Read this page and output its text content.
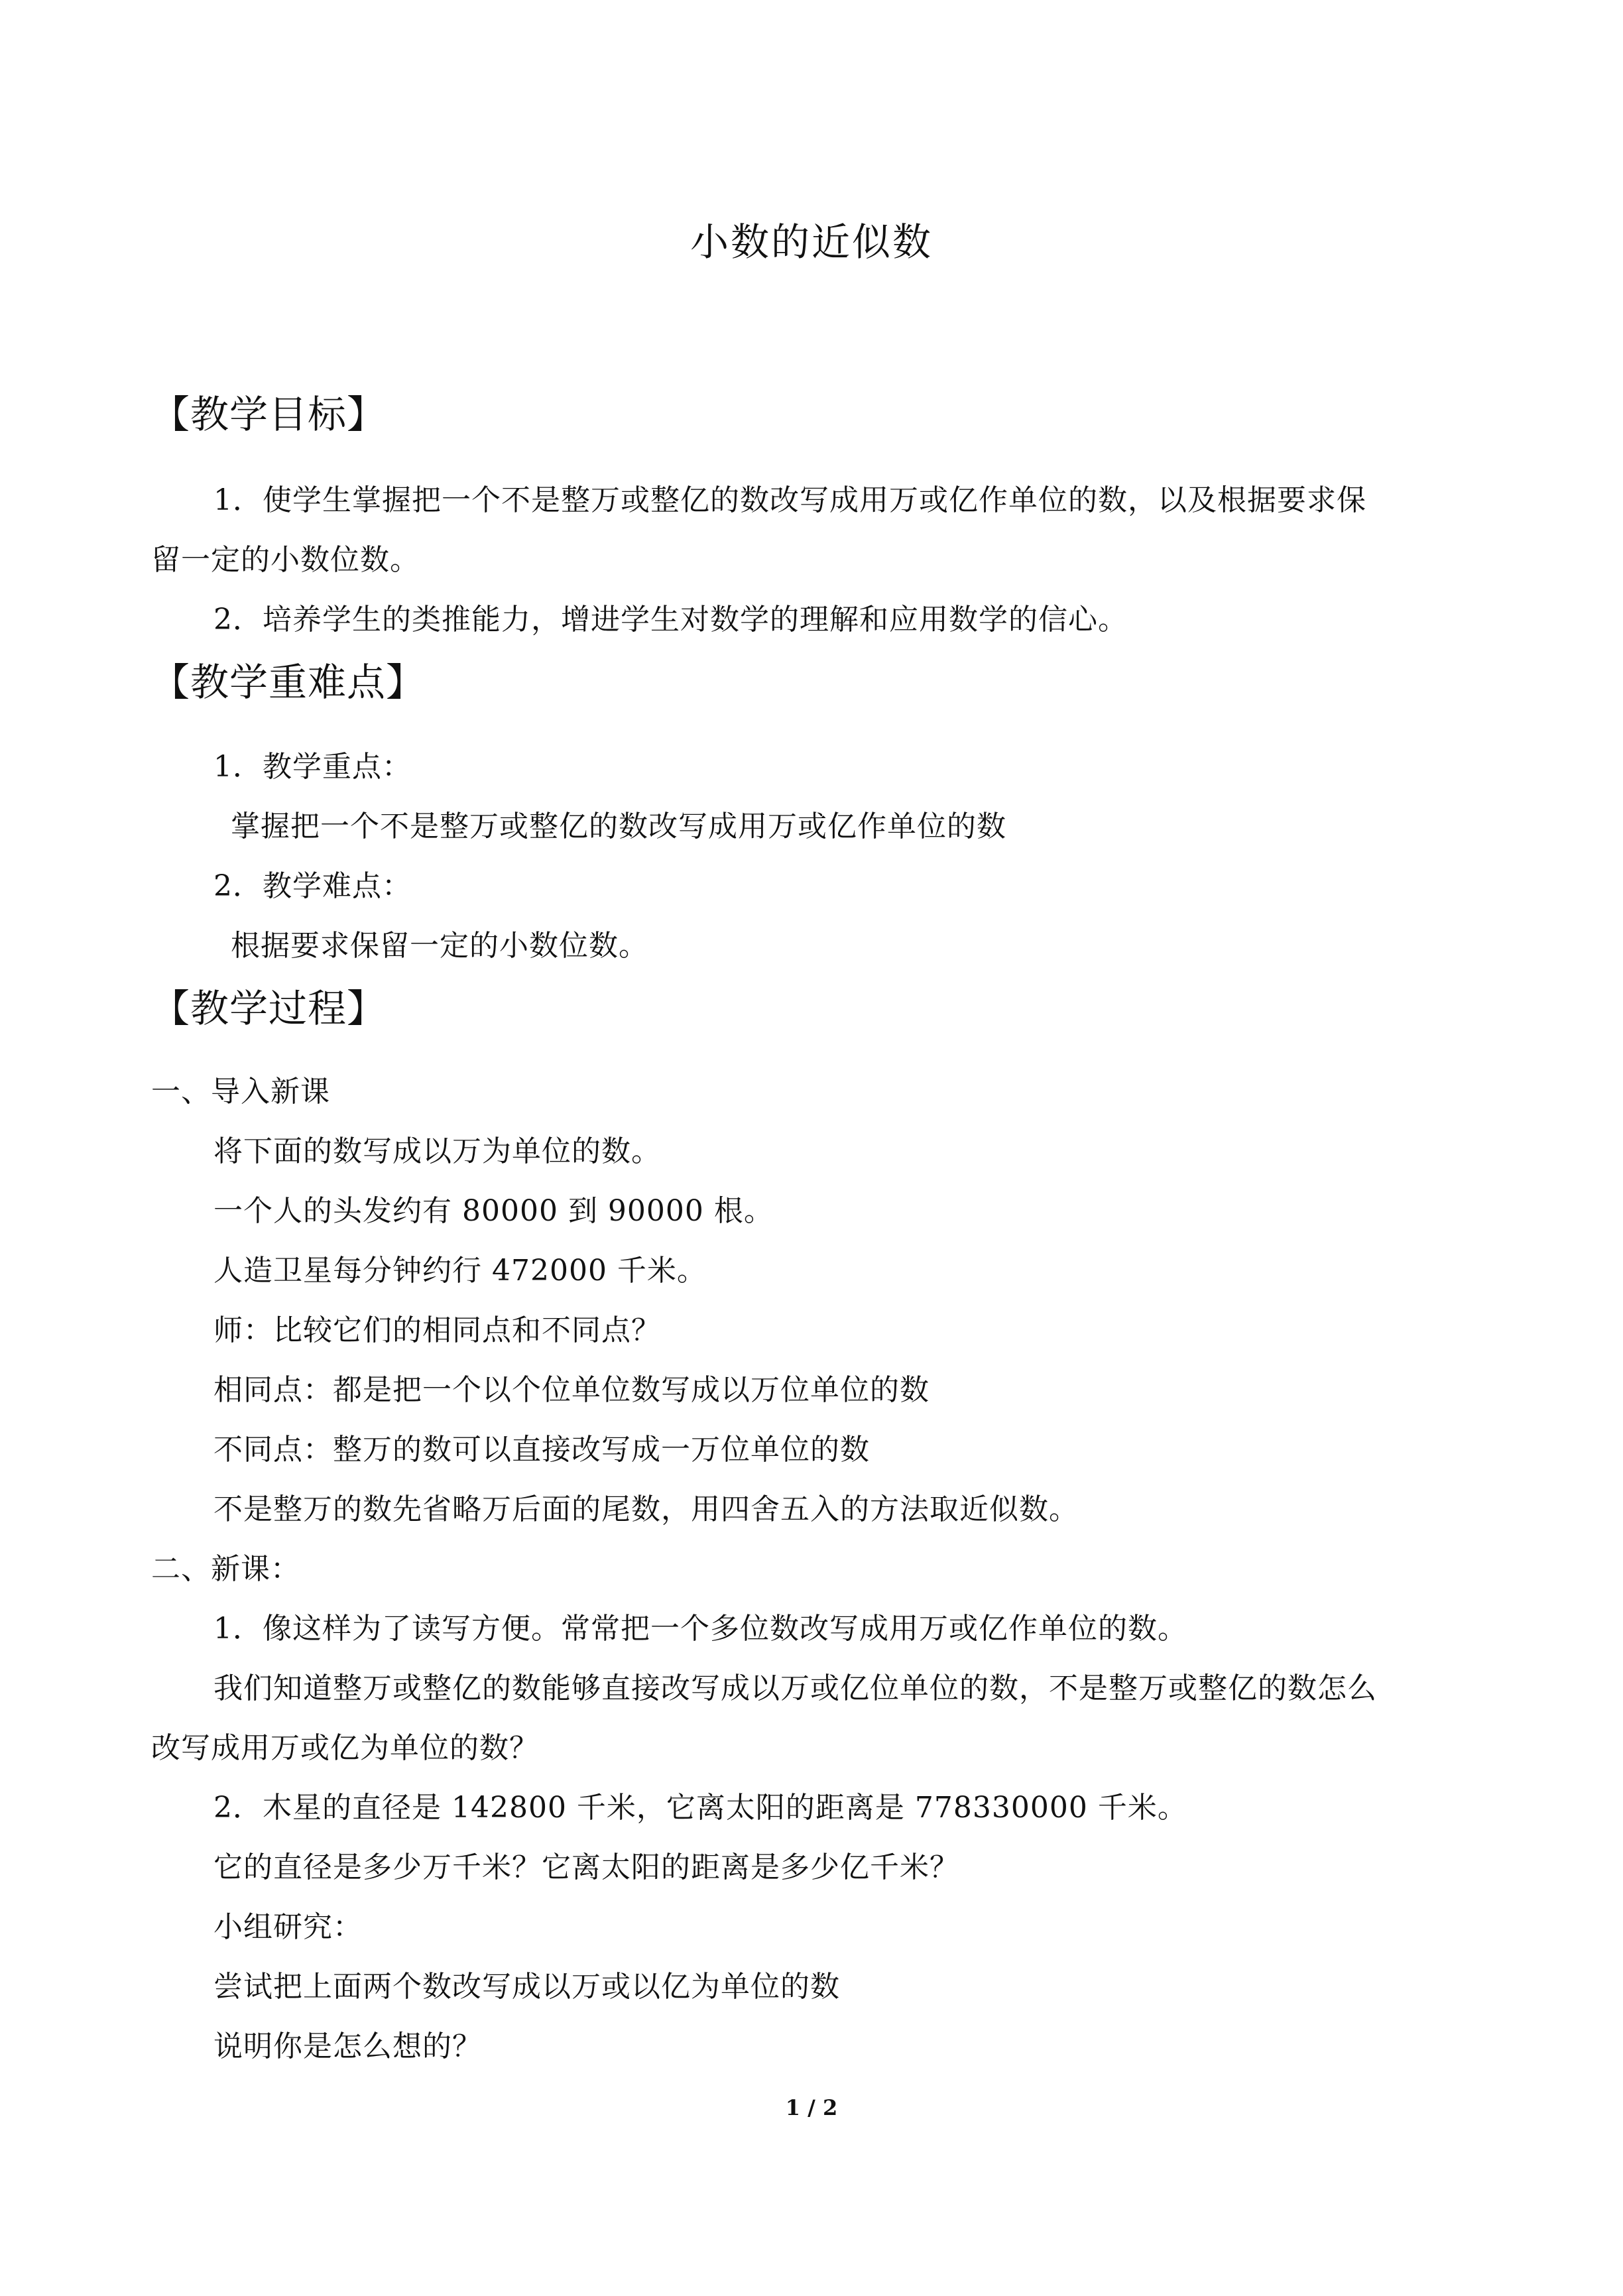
小数的近似数
【教学目标】
1．使学生掌握把一个不是整万或整亿的数改写成用万或亿作单位的数，以及根据要求保
留一定的小数位数。
2．培养学生的类推能力，增进学生对数学的理解和应用数学的信心。
【教学重难点】
1．教学重点：
掌握把一个不是整万或整亿的数改写成用万或亿作单位的数
2．教学难点：
根据要求保留一定的小数位数。
【教学过程】
一、导入新课
将下面的数写成以万为单位的数。
一个人的头发约有 80000 到 90000 根。
人造卫星每分钟约行 472000 千米。
师：比较它们的相同点和不同点？
相同点：都是把一个以个位单位数写成以万位单位的数
不同点：整万的数可以直接改写成一万位单位的数
不是整万的数先省略万后面的尾数，用四舍五入的方法取近似数。
二、新课：
1．像这样为了读写方便。常常把一个多位数改写成用万或亿作单位的数。
我们知道整万或整亿的数能够直接改写成以万或亿位单位的数，不是整万或整亿的数怎么
改写成用万或亿为单位的数？
2．木星的直径是 142800 千米，它离太阳的距离是 778330000 千米。
它的直径是多少万千米？它离太阳的距离是多少亿千米？
小组研究：
尝试把上面两个数改写成以万或以亿为单位的数
说明你是怎么想的？
1 / 2
